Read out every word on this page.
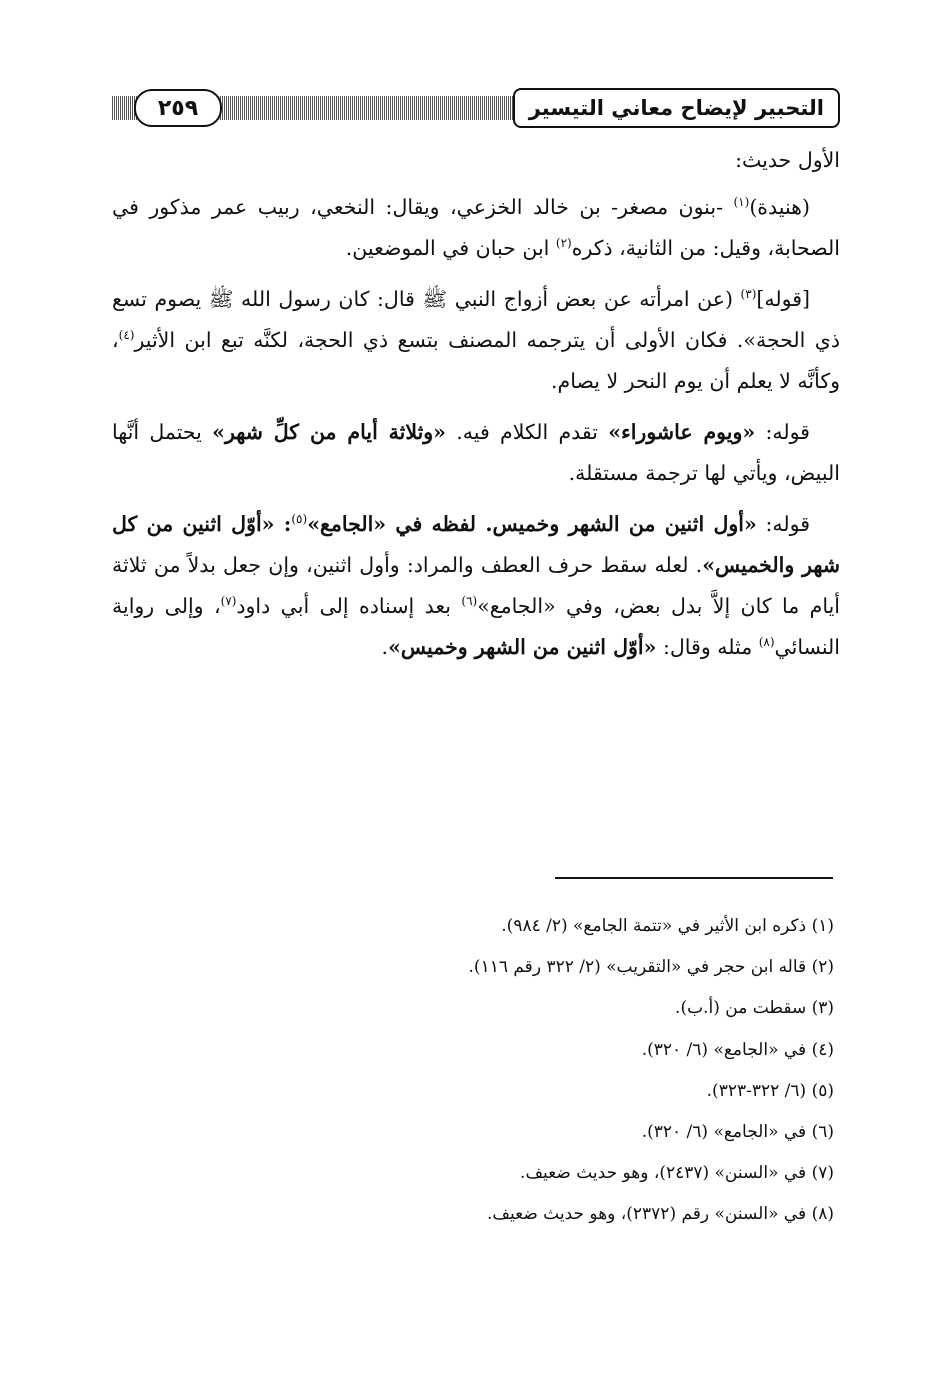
التحبير لإيضاح معاني التيسير
٢٥٩

الأول حديث:

(هنيدة)$^{(١)}$ -بنون مصغر- بن خالد الخزعي، ويقال: النخعي، ربيب عمر مذكور في الصحابة، وقيل: من الثانية، ذكره$^{(٢)}$ ابن حبان في الموضعين.

[قوله]$^{(٣)}$ (عن امرأته عن بعض أزواج النبي ﷺ قال: كان رسول الله ﷺ يصوم تسع ذي الحجة». فكان الأولى أن يترجمه المصنف بتسع ذي الحجة، لكنَّه تبع ابن الأثير$^{(٤)}$، وكأنَّه لا يعلم أن يوم النحر لا يصام.

قوله: «ويوم عاشوراء» تقدم الكلام فيه. «وثلاثة أيام من كلِّ شهر» يحتمل أنَّها البيض، ويأتي لها ترجمة مستقلة.

قوله: «أول اثنين من الشهر وخميس. لفظه في «الجامع»$^{(٥)}$: «أوّل اثنين من كل شهر والخميس». لعله سقط حرف العطف والمراد: وأول اثنين، وإن جعل بدلاً من ثلاثة أيام ما كان إلاَّ بدل بعض، وفي «الجامع»$^{(٦)}$ بعد إسناده إلى أبي داود$^{(٧)}$، وإلى رواية النسائي$^{(٨)}$ مثله وقال: «أوّل اثنين من الشهر وخميس».

(١) ذكره ابن الأثير في «تتمة الجامع» (٢/ ٩٨٤).
(٢) قاله ابن حجر في «التقريب» (٢/ ٣٢٢ رقم ١١٦).
(٣) سقطت من (أ.ب).
(٤) في «الجامع» (٦/ ٣٢٠).
(٥) (٦/ ٣٢٢-٣٢٣).
(٦) في «الجامع» (٦/ ٣٢٠).
(٧) في «السنن» (٢٤٣٧)، وهو حديث ضعيف.
(٨) في «السنن» رقم (٢٣٧٢)، وهو حديث ضعيف.
